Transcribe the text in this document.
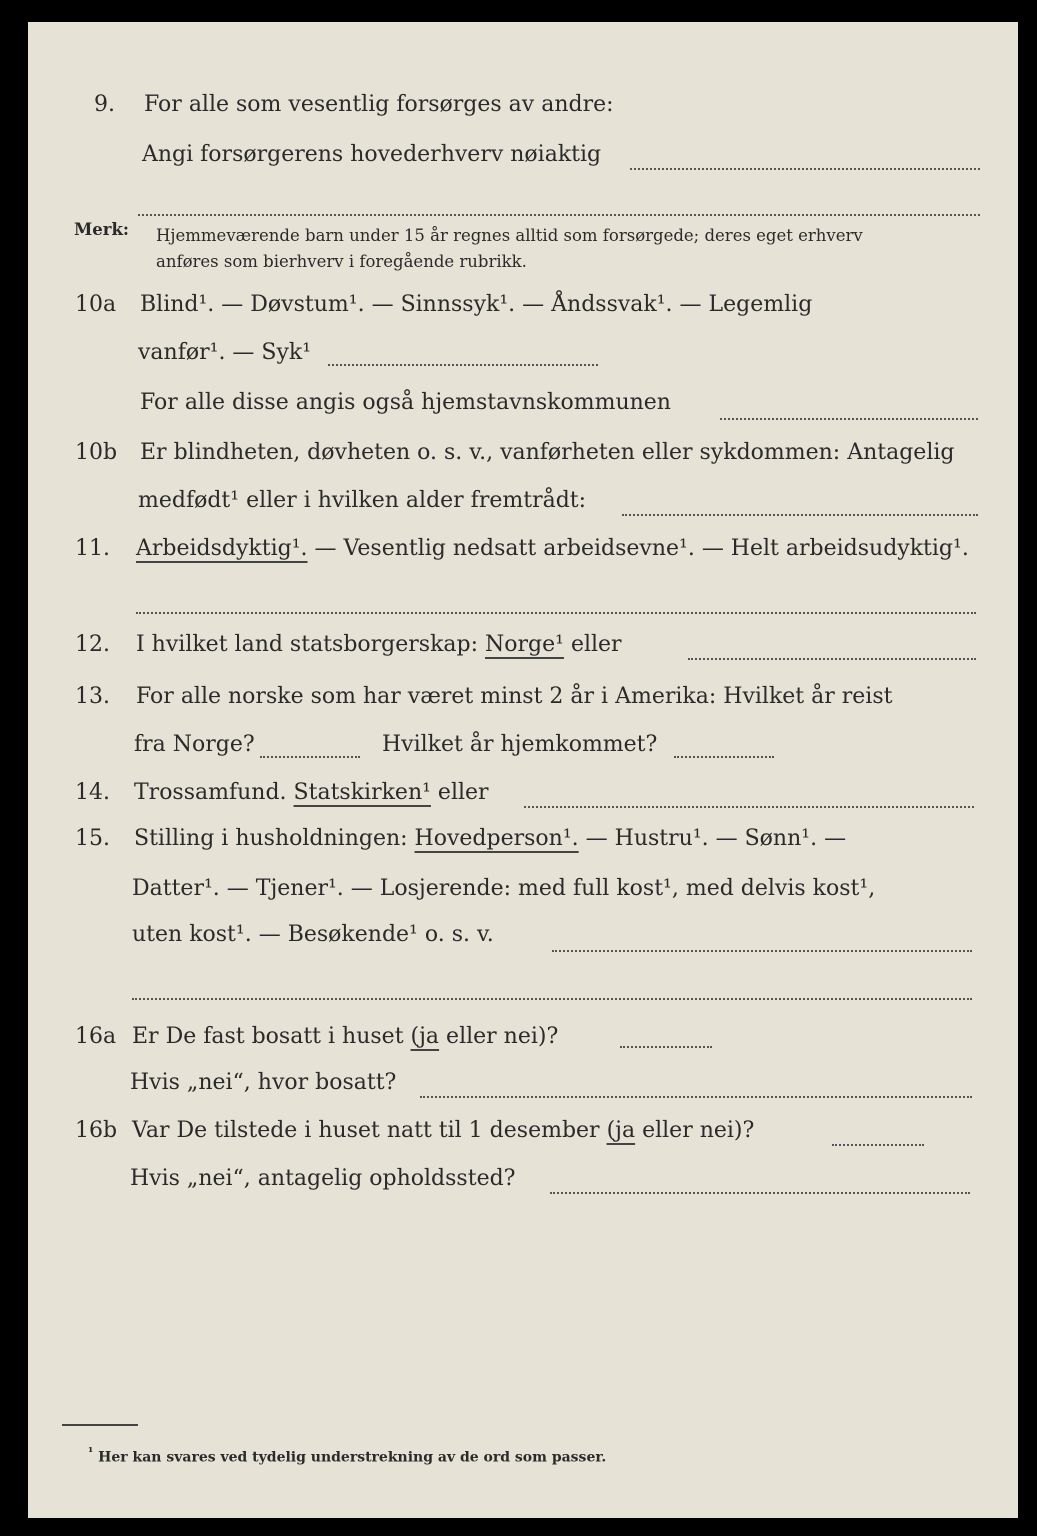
9. For alle som vesentlig forsørges av andre:
Angi forsørgerens hovederhverv nøiaktig
Merk: Hjemmeværende barn under 15 år regnes alltid som forsørgede; deres eget erhverv
anføres som bierhverv i foregående rubrikk.
10a Blind¹. — Døvstum¹. — Sinnssyk¹. — Åndssvak¹. — Legemlig
vanfør¹. — Syk¹
For alle disse angis også hjemstavnskommunen
10b Er blindheten, døvheten o. s. v., vanførheten eller sykdommen: Antagelig
medfødt¹ eller i hvilken alder fremtrådt:
11. Arbeidsdyktig¹. — Vesentlig nedsatt arbeidsevne¹. — Helt arbeidsudyktig¹.
12. I hvilket land statsborgerskap: Norge¹ eller
13. For alle norske som har været minst 2 år i Amerika: Hvilket år reist
fra Norge?	Hvilket år hjemkommet?
14. Trossamfund. Statskirken¹ eller
15. Stilling i husholdningen: Hovedperson¹. — Hustru¹. — Sønn¹. —
Datter¹. — Tjener¹. — Losjerende: med full kost¹, med delvis kost¹,
uten kost¹. — Besøkende¹ o. s. v.
16a Er De fast bosatt i huset (ja eller nei)?
Hvis „nei“, hvor bosatt?
16b Var De tilstede i huset natt til 1 desember (ja eller nei)?
Hvis „nei“, antagelig opholdssted?
¹ Her kan svares ved tydelig understrekning av de ord som passer.
